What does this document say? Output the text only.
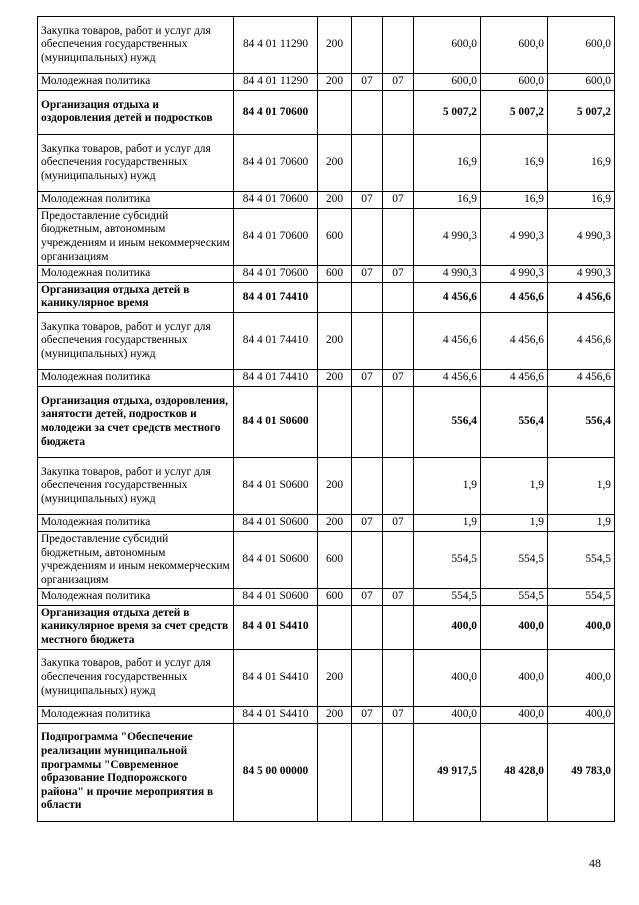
Закупка товаров, работ и услуг для обеспечения государственных (муниципальных) нужд	84 4 01 11290	200			600,0	600,0	600,0
Молодежная политика	84 4 01 11290	200	07	07	600,0	600,0	600,0
Организация отдыха и оздоровления детей и подростков	84 4 01 70600				5 007,2	5 007,2	5 007,2
Закупка товаров, работ и услуг для обеспечения государственных (муниципальных) нужд	84 4 01 70600	200			16,9	16,9	16,9
Молодежная политика	84 4 01 70600	200	07	07	16,9	16,9	16,9
Предоставление субсидий бюджетным, автономным учреждениям и иным некоммерческим организациям	84 4 01 70600	600			4 990,3	4 990,3	4 990,3
Молодежная политика	84 4 01 70600	600	07	07	4 990,3	4 990,3	4 990,3
Организация отдыха детей в каникулярное время	84 4 01 74410				4 456,6	4 456,6	4 456,6
Закупка товаров, работ и услуг для обеспечения государственных (муниципальных) нужд	84 4 01 74410	200			4 456,6	4 456,6	4 456,6
Молодежная политика	84 4 01 74410	200	07	07	4 456,6	4 456,6	4 456,6
Организация отдыха, оздоровления, занятости детей, подростков и молодежи за счет средств местного бюджета	84 4 01 S0600				556,4	556,4	556,4
Закупка товаров, работ и услуг для обеспечения государственных (муниципальных) нужд	84 4 01 S0600	200			1,9	1,9	1,9
Молодежная политика	84 4 01 S0600	200	07	07	1,9	1,9	1,9
Предоставление субсидий бюджетным, автономным учреждениям и иным некоммерческим организациям	84 4 01 S0600	600			554,5	554,5	554,5
Молодежная политика	84 4 01 S0600	600	07	07	554,5	554,5	554,5
Организация отдыха детей в каникулярное время за счет средств местного бюджета	84 4 01 S4410				400,0	400,0	400,0
Закупка товаров, работ и услуг для обеспечения государственных (муниципальных) нужд	84 4 01 S4410	200			400,0	400,0	400,0
Молодежная политика	84 4 01 S4410	200	07	07	400,0	400,0	400,0
Подпрограмма "Обеспечение реализации муниципальной программы "Современное образование Подпорожского района" и прочие мероприятия в области	84 5 00 00000				49 917,5	48 428,0	49 783,0
48
